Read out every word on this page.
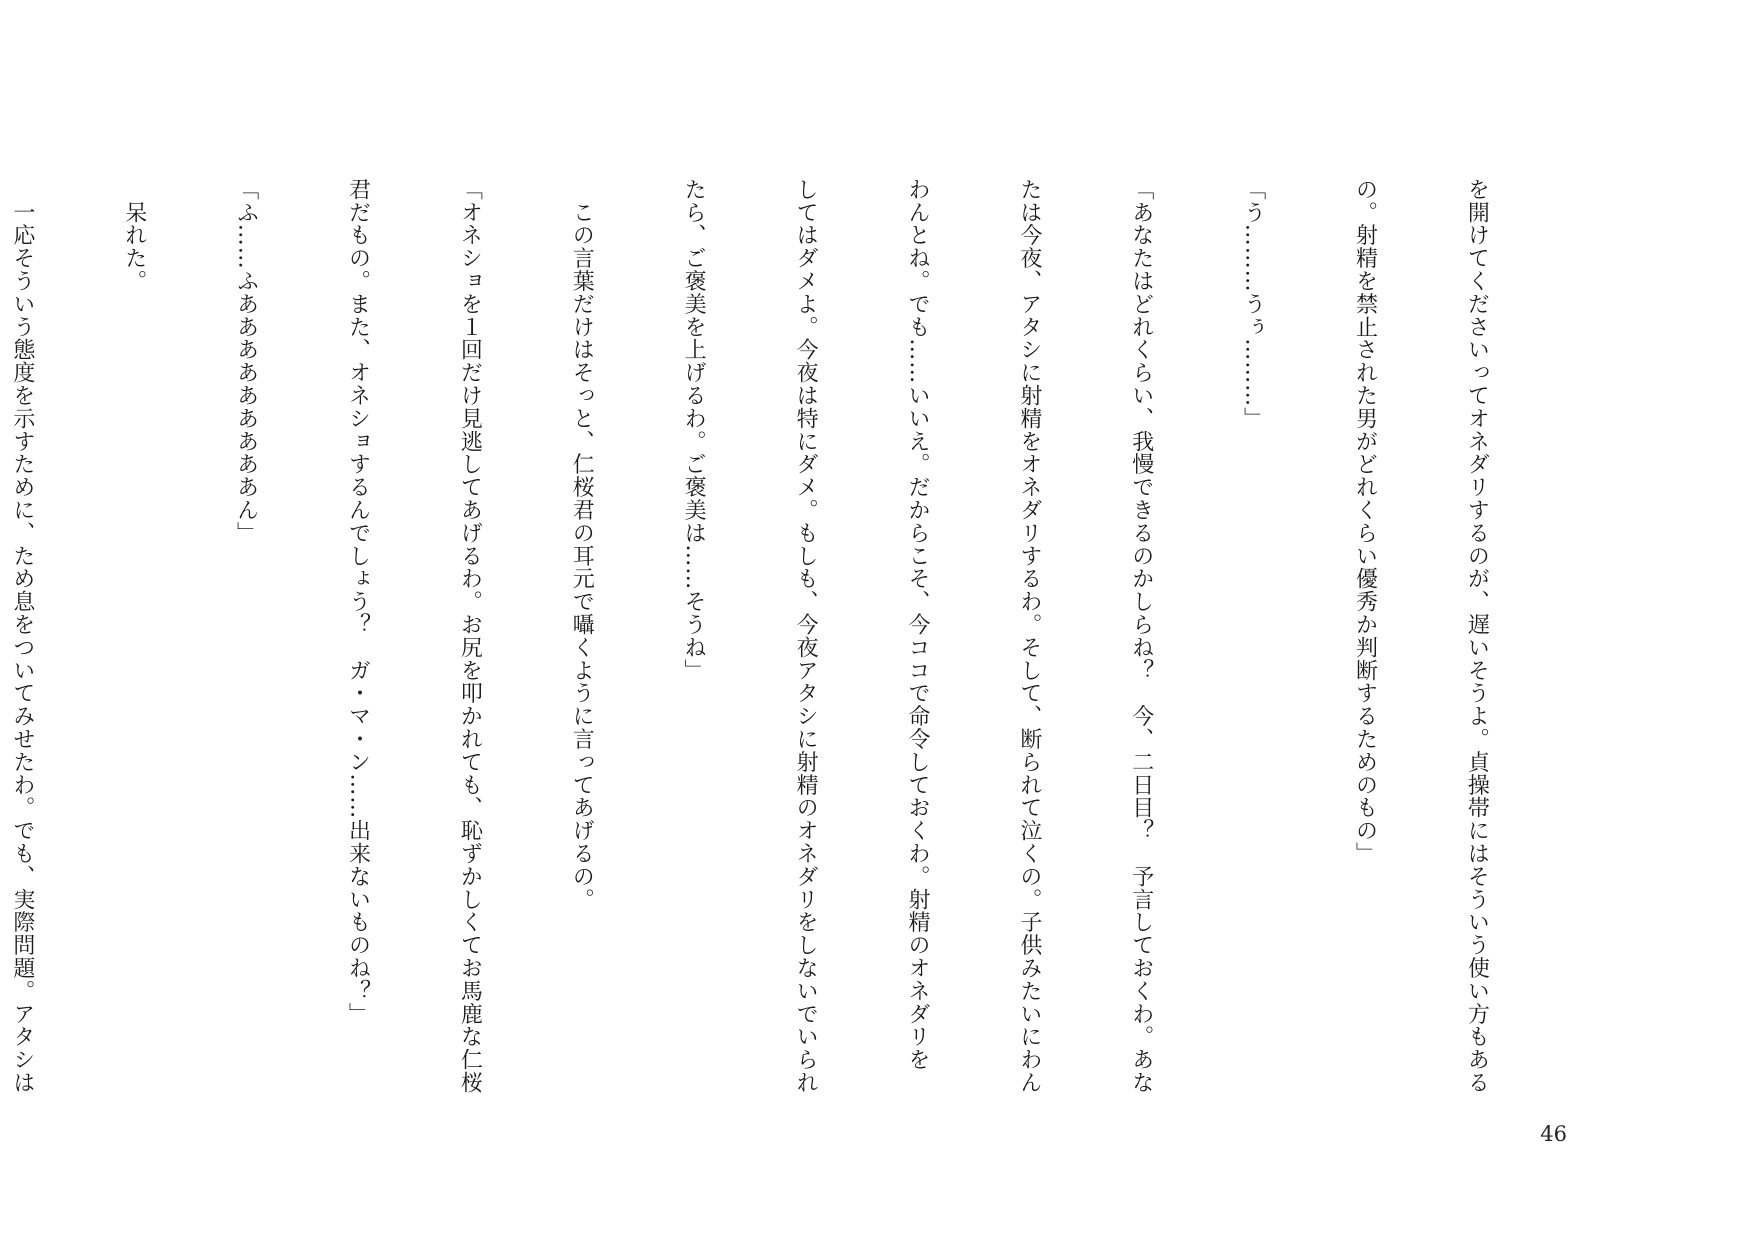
を開けてくださいってオネダリするのが、遅いそうよ。貞操帯にはそういう使い方もある

の。射精を禁止された男がどれくらい優秀か判断するためのもの」

「う………うぅ………」

「あなたはどれくらい、我慢できるのかしらね？　今、二日目？　予言しておくわ。あな

たは今夜、アタシに射精をオネダリするわ。そして、断られて泣くの。子供みたいにわん

わんとね。でも……いいえ。だからこそ、今ココで命令しておくわ。射精のオネダリを

してはダメよ。今夜は特にダメ。もしも、今夜アタシに射精のオネダリをしないでいられ

たら、ご褒美を上げるわ。ご褒美は……そうね」

　この言葉だけはそっと、仁桜君の耳元で囁くように言ってあげるの。

「オネショを１回だけ見逃してあげるわ。お尻を叩かれても、恥ずかしくてお馬鹿な仁桜

君だもの。また、オネショするんでしょう？　ガ・マ・ン……出来ないものね？」

「ふ……ふあああああああああん」

　呆れた。

　一応そういう態度を示すために、ため息をついてみせたわ。でも、実際問題。アタシは

46
